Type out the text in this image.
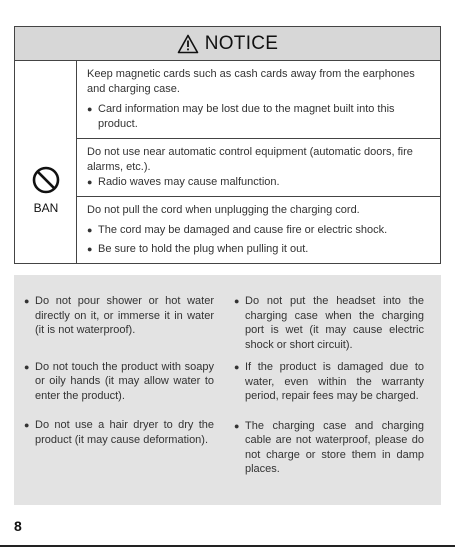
NOTICE
BAN

Keep magnetic cards such as cash cards away from the earphones and charging case.

● Card information may be lost due to the magnet built into this product.

Do not use near automatic control equipment (automatic doors, fire alarms, etc.).

● Radio waves may cause malfunction.

Do not pull the cord when unplugging the charging cord.

● The cord may be damaged and cause fire or electric shock.

● Be sure to hold the plug when pulling it out.

● Do not pour shower or hot water directly on it, or immerse it in water (it is not waterproof).
● Do not touch the product with soapy or oily hands (it may allow water to enter the product).
● Do not use a hair dryer to dry the product (it may cause deformation).
● Do not put the headset into the charging case when the charging port is wet (it may cause electric shock or short circuit).
● If the product is damaged due to water, even within the warranty period, repair fees may be charged.
● The charging case and charging cable are not waterproof, please do not charge or store them in damp places.
8
